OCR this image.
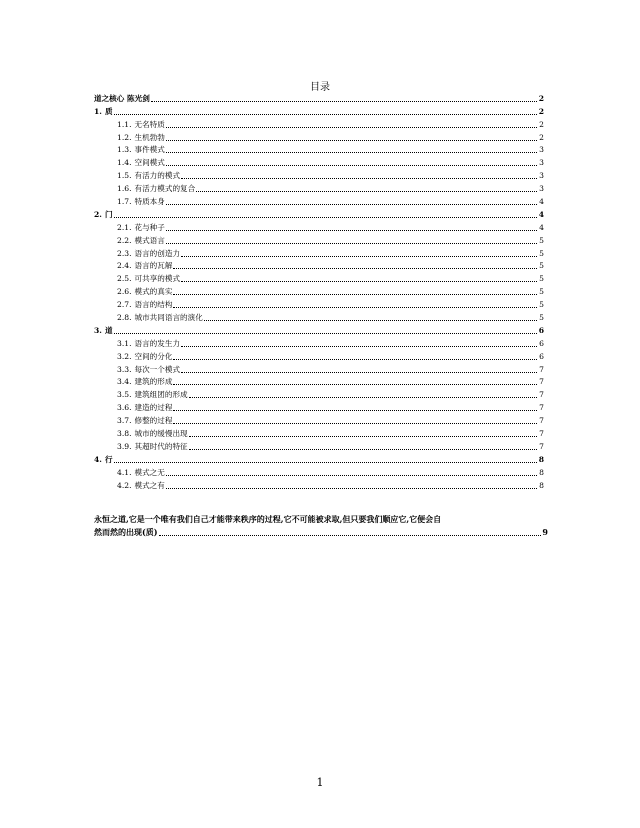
目录
道之核心 陈光剑	2
1. 质	2
1.1. 无名特质	2
1.2. 生机勃勃	2
1.3. 事件模式	3
1.4. 空间模式	3
1.5. 有活力的模式	3
1.6. 有活力模式的复合	3
1.7. 特质本身	4
2. 门	4
2.1. 花与种子	4
2.2. 模式语言	5
2.3. 语言的创造力	5
2.4. 语言的瓦解	5
2.5. 可共享的模式	5
2.6. 模式的真实	5
2.7. 语言的结构	5
2.8. 城市共同语言的演化	5
3. 道	6
3.1. 语言的发生力	6
3.2. 空间的分化	6
3.3. 每次一个模式	7
3.4. 建筑的形成	7
3.5. 建筑组团的形成	7
3.6. 建造的过程	7
3.7. 修整的过程	7
3.8. 城市的缓慢出现	7
3.9. 其超时代的特征	7
4. 行	8
4.1. 模式之无	8
4.2. 模式之有	8
永恒之道,它是一个唯有我们自己才能带来秩序的过程,它不可能被求取,但只要我们顺应它,它便会自
然而然的出现(质)	9
1
